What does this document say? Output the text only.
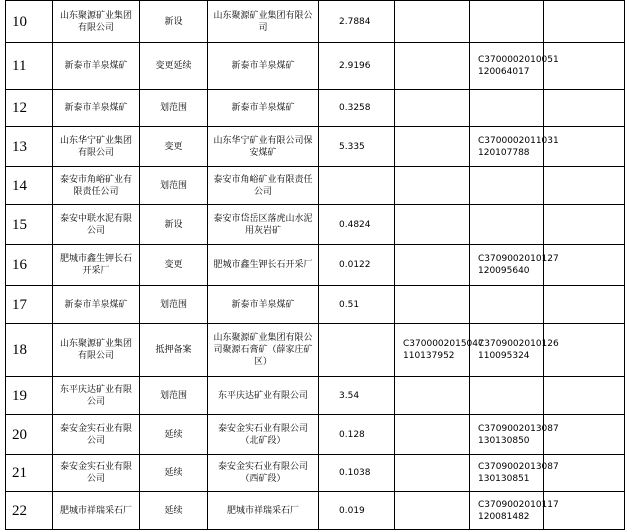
10	山东聚源矿业集团有限公司	新设	山东聚源矿业集团有限公司	2.7884			
11	新泰市羊泉煤矿	变更延续	新泰市羊泉煤矿	2.9196		C3700002010051
120064017	
12	新泰市羊泉煤矿	划范围	新泰市羊泉煤矿	0.3258			
13	山东华宁矿业集团有限公司	变更	山东华宁矿业有限公司保安煤矿	5.335		C3700002011031
120107788	
14	泰安市角峪矿业有限责任公司	划范围	泰安市角峪矿业有限责任公司				
15	泰安中联水泥有限公司	新设	泰安市岱岳区落虎山水泥用灰岩矿	0.4824			
16	肥城市鑫生钾长石开采厂	变更	肥城市鑫生钾长石开采厂	0.0122		C3709002010127
120095640	
17	新泰市羊泉煤矿	划范围	新泰市羊泉煤矿	0.51			
18	山东聚源矿业集团有限公司	抵押备案	山东聚源矿业集团有限公司聚源石膏矿（薛家庄矿区）		C3700002015047
110137952	C3709002010126
110095324	
19	东平庆达矿业有限公司	划范围	东平庆达矿业有限公司	3.54			
20	泰安金实石业有限公司	延续	泰安金实石业有限公司（北矿段）	0.128		C3709002013087
130130850	
21	泰安金实石业有限公司	延续	泰安金实石业有限公司（西矿段）	0.1038		C3709002013087
130130851	
22	肥城市祥瑞采石厂	延续	肥城市祥瑞采石厂	0.019		C3709002010117
120081482	
